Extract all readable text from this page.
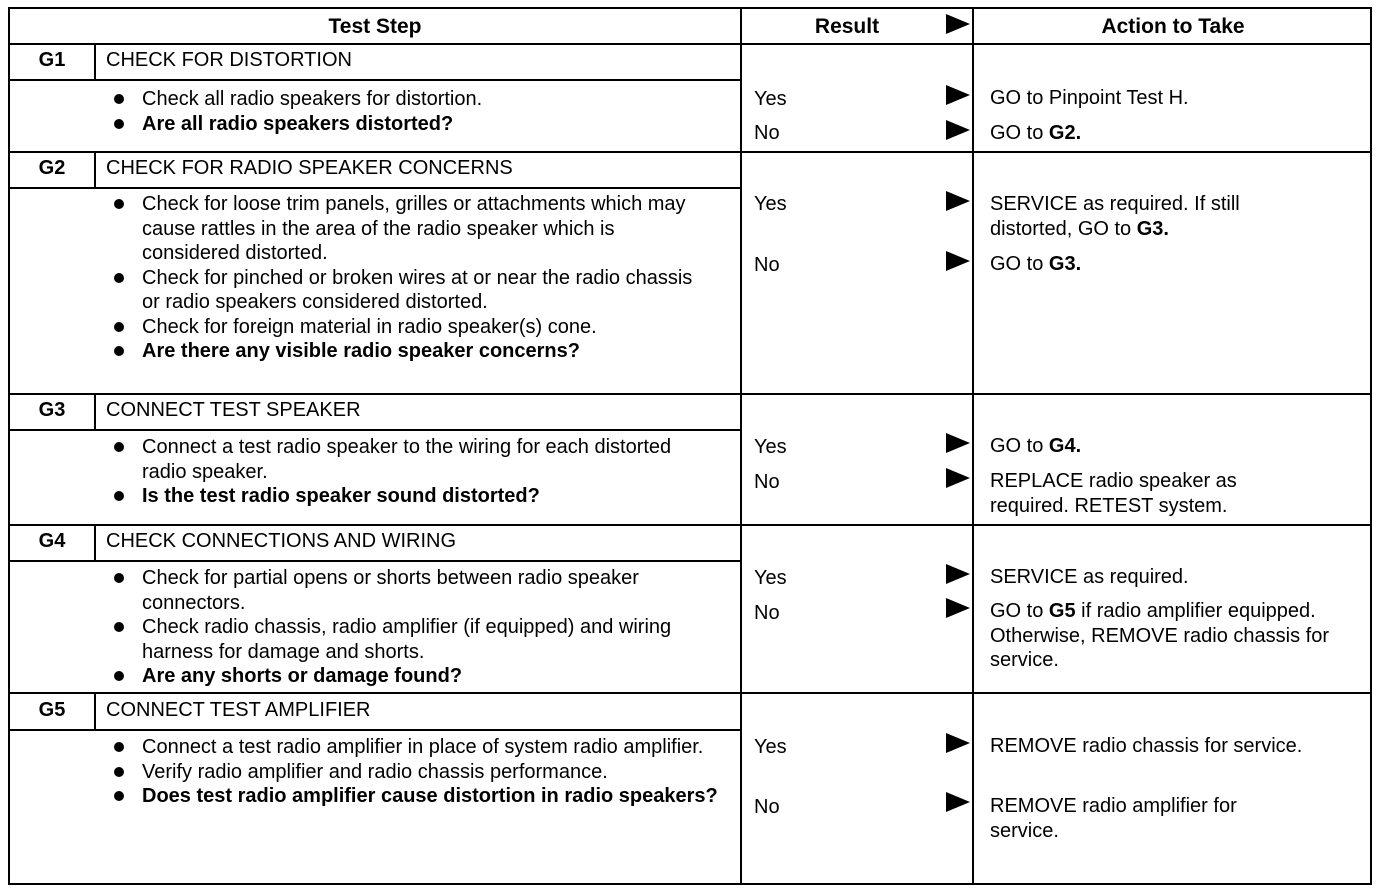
Test Step	Result	Action to Take
G1	CHECK FOR DISTORTION
Check all radio speakers for distortion.
Are all radio speakers distorted?
Yes	GO to Pinpoint Test H.
No	GO to G2.
G2	CHECK FOR RADIO SPEAKER CONCERNS
Check for loose trim panels, grilles or attachments which may cause rattles in the area of the radio speaker which is considered distorted.
Check for pinched or broken wires at or near the radio chassis or radio speakers considered distorted.
Check for foreign material in radio speaker(s) cone.
Are there any visible radio speaker concerns?
Yes	SERVICE as required. If still distorted, GO to G3.
No	GO to G3.
G3	CONNECT TEST SPEAKER
Connect a test radio speaker to the wiring for each distorted radio speaker.
Is the test radio speaker sound distorted?
Yes	GO to G4.
No	REPLACE radio speaker as required. RETEST system.
G4	CHECK CONNECTIONS AND WIRING
Check for partial opens or shorts between radio speaker connectors.
Check radio chassis, radio amplifier (if equipped) and wiring harness for damage and shorts.
Are any shorts or damage found?
Yes	SERVICE as required.
No	GO to G5 if radio amplifier equipped. Otherwise, REMOVE radio chassis for service.
G5	CONNECT TEST AMPLIFIER
Connect a test radio amplifier in place of system radio amplifier.
Verify radio amplifier and radio chassis performance.
Does test radio amplifier cause distortion in radio speakers?
Yes	REMOVE radio chassis for service.
No	REMOVE radio amplifier for service.
